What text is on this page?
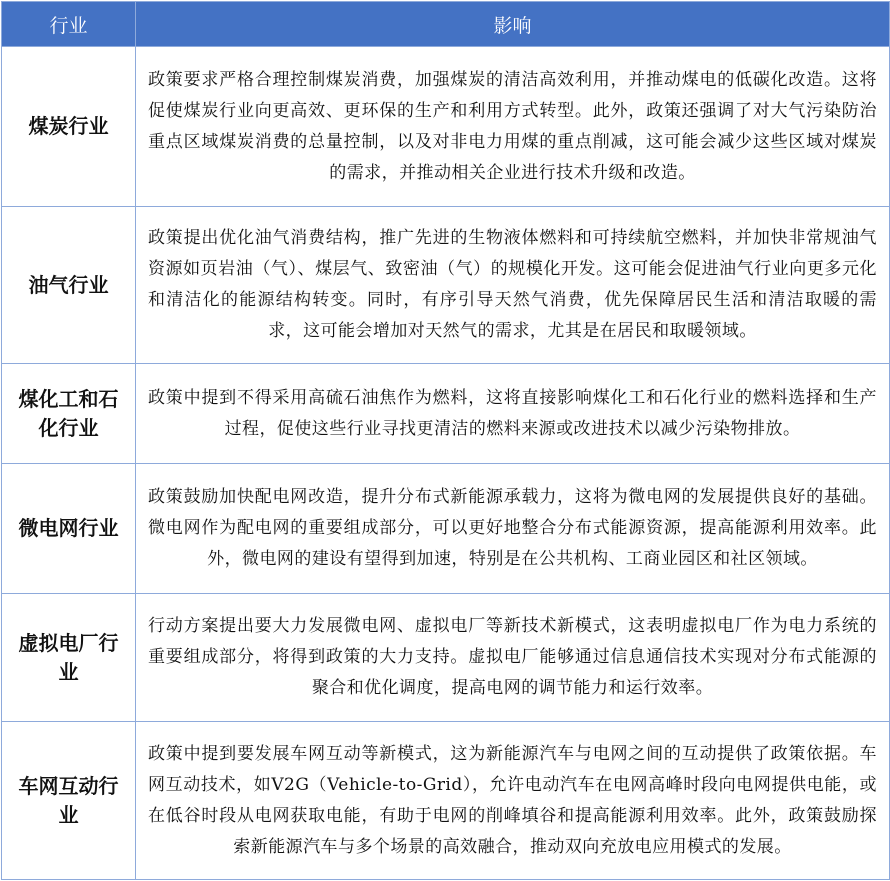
行业	影响
煤炭行业	政策要求严格合理控制煤炭消费，加强煤炭的清洁高效利用，并推动煤电的低碳化改造。这将促使煤炭行业向更高效、更环保的生产和利用方式转型。此外，政策还强调了对大气污染防治重点区域煤炭消费的总量控制，以及对非电力用煤的重点削减，这可能会减少这些区域对煤炭的需求，并推动相关企业进行技术升级和改造。
油气行业	政策提出优化油气消费结构，推广先进的生物液体燃料和可持续航空燃料，并加快非常规油气资源如页岩油（气）、煤层气、致密油（气）的规模化开发。这可能会促进油气行业向更多元化和清洁化的能源结构转变。同时，有序引导天然气消费，优先保障居民生活和清洁取暖的需求，这可能会增加对天然气的需求，尤其是在居民和取暖领域。
煤化工和石化行业	政策中提到不得采用高硫石油焦作为燃料，这将直接影响煤化工和石化行业的燃料选择和生产过程，促使这些行业寻找更清洁的燃料来源或改进技术以减少污染物排放。
微电网行业	政策鼓励加快配电网改造，提升分布式新能源承载力，这将为微电网的发展提供良好的基础。微电网作为配电网的重要组成部分，可以更好地整合分布式能源资源，提高能源利用效率。此外，微电网的建设有望得到加速，特别是在公共机构、工商业园区和社区领域。
虚拟电厂行业	行动方案提出要大力发展微电网、虚拟电厂等新技术新模式，这表明虚拟电厂作为电力系统的重要组成部分，将得到政策的大力支持。虚拟电厂能够通过信息通信技术实现对分布式能源的聚合和优化调度，提高电网的调节能力和运行效率。
车网互动行业	政策中提到要发展车网互动等新模式，这为新能源汽车与电网之间的互动提供了政策依据。车网互动技术，如V2G（Vehicle-to-Grid），允许电动汽车在电网高峰时段向电网提供电能，或在低谷时段从电网获取电能，有助于电网的削峰填谷和提高能源利用效率。此外，政策鼓励探索新能源汽车与多个场景的高效融合，推动双向充放电应用模式的发展。
